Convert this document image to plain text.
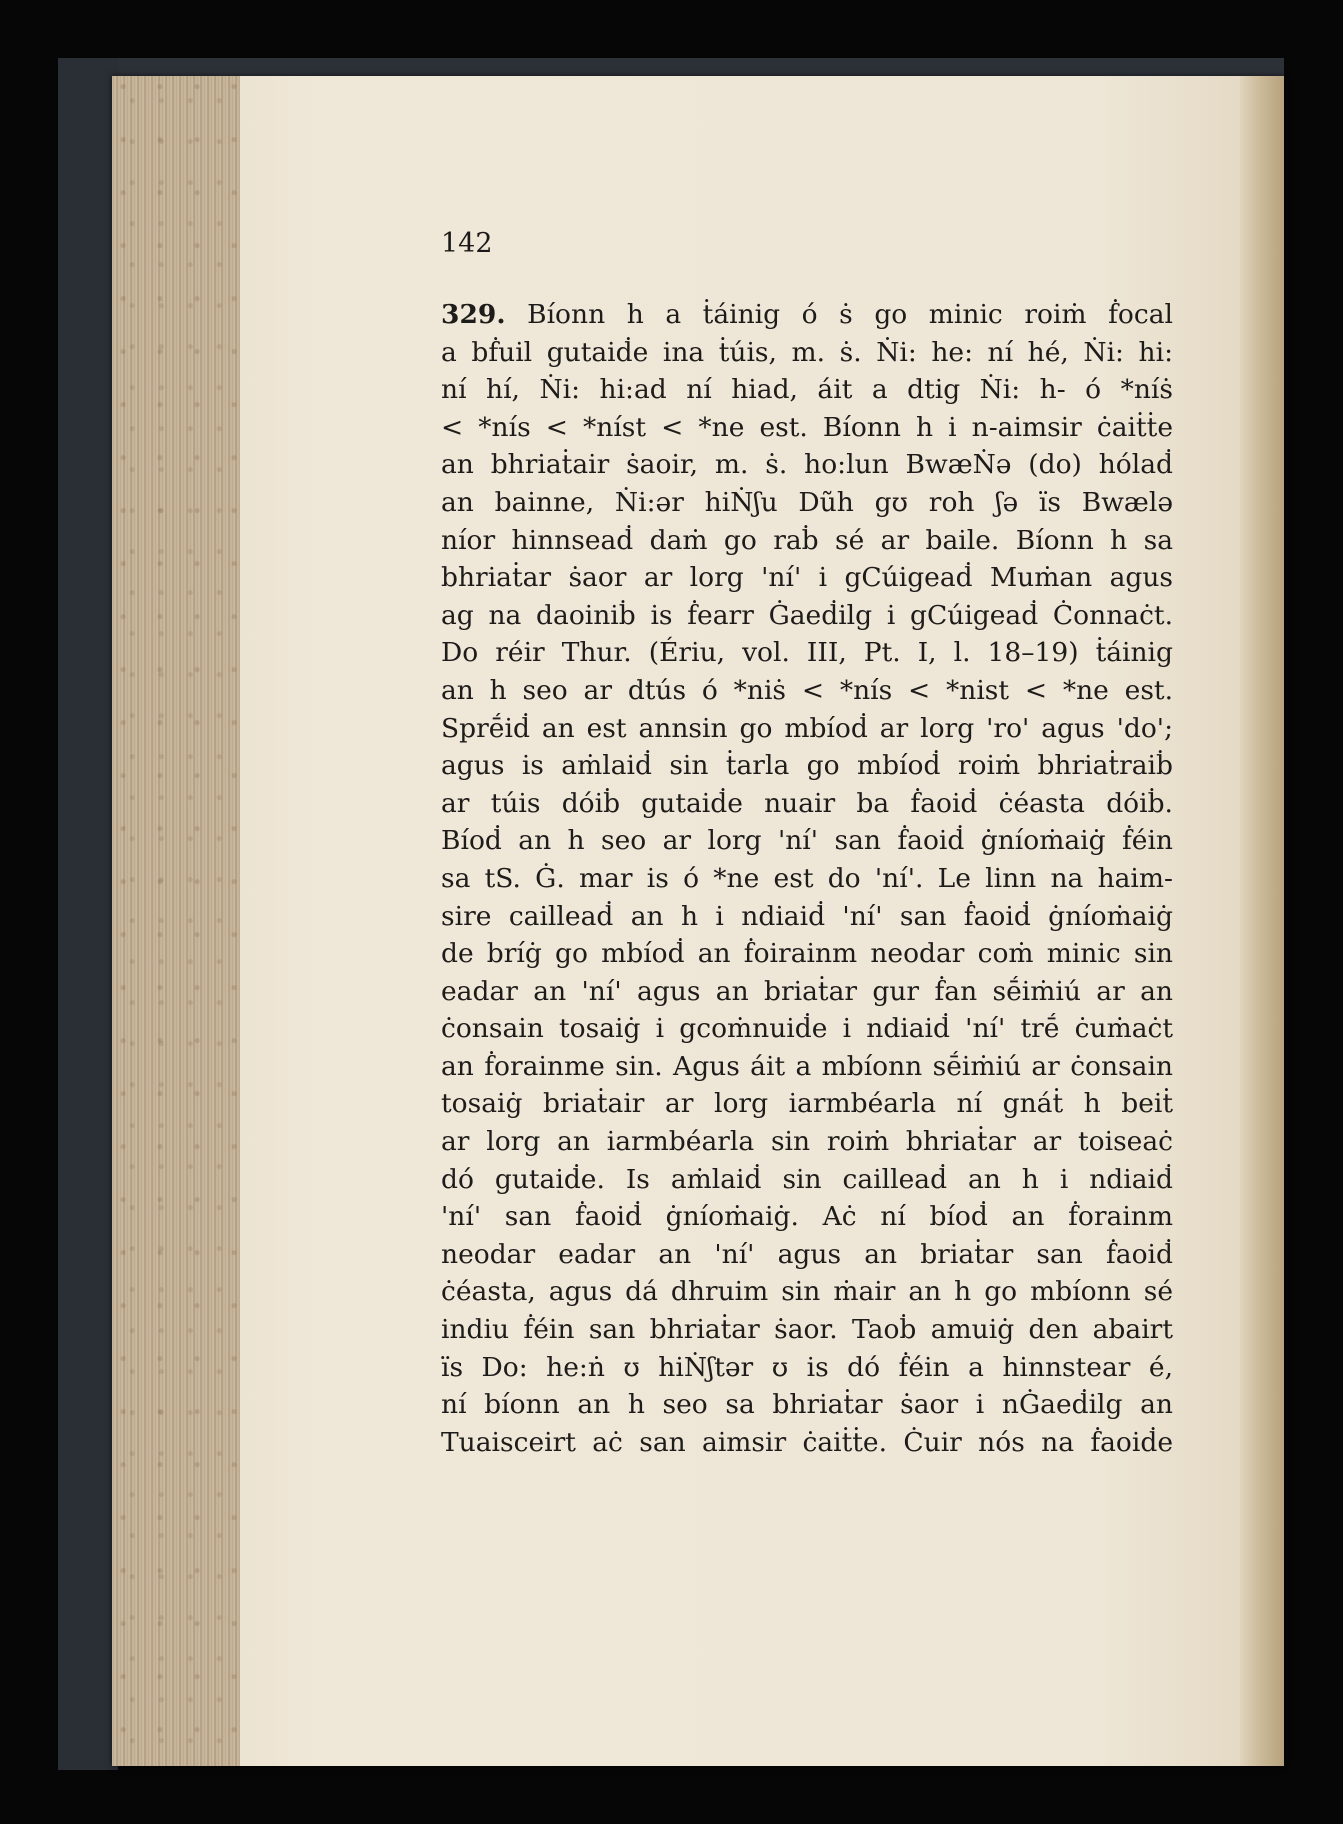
142

329. Bíonn h a ṫáinig ó ṡ go minic roiṁ ḟocal
a bḟuil gutaiḋe ina ṫúis, m. ṡ. Ṅi: he: ní hé, Ṅi: hi:
ní hí, Ṅi: hi:ad ní hiad, áit a dtig Ṅi: h- ó *níṡ
< *nís < *níst < *ne est. Bíonn h i n-aimsir ċaiṫṫe
an bhriaṫair ṡaoir, m. ṡ. ho:lun BwæṄə (do) hólaḋ
an bainne, Ṅi:ər hiṄʃu Dũh gʊ roh ʃə ïs Bwælə
níor hinnseaḋ daṁ go raḃ sé ar baile. Bíonn h sa
bhriaṫar ṡaor ar lorg 'ní' i gCúigeaḋ Muṁan agus
ag na daoiniḃ is ḟearr Ġaeḋilg i gCúigeaḋ Ċonnaċt.
Do réir Thur. (Ériu, vol. III, Pt. I, l. 18–19) ṫáinig
an h seo ar dtús ó *niṡ < *nís < *nist < *ne est.
Sprḗiḋ an est annsin go mbíoḋ ar lorg 'ro' agus 'do';
agus is aṁlaiḋ sin ṫarla go mbíoḋ roiṁ bhriaṫraiḃ
ar túis dóiḃ gutaiḋe nuair ba ḟaoiḋ ċéasta dóiḃ.
Bíoḋ an h seo ar lorg 'ní' san ḟaoiḋ ġníoṁaiġ ḟéin
sa tS. Ġ. mar is ó *ne est do 'ní'. Le linn na haim-
sire cailleaḋ an h i ndiaiḋ 'ní' san ḟaoiḋ ġníoṁaiġ
de bríġ go mbíoḋ an ḟoirainm neodar coṁ minic sin
eadar an 'ní' agus an briaṫar gur ḟan sḗiṁiú ar an
ċonsain tosaiġ i gcoṁnuiḋe i ndiaiḋ 'ní' trḗ ċuṁaċt
an ḟorainme sin. Agus áit a mbíonn sḗiṁiú ar ċonsain
tosaiġ briaṫair ar lorg iarmbéarla ní gnáṫ h beiṫ
ar lorg an iarmbéarla sin roiṁ bhriaṫar ar toiseaċ
dó gutaiḋe. Is aṁlaiḋ sin cailleaḋ an h i ndiaiḋ
'ní' san ḟaoiḋ ġníoṁaiġ. Aċ ní bíoḋ an ḟorainm
neodar eadar an 'ní' agus an briaṫar san ḟaoiḋ
ċéasta, agus dá dhruim sin ṁair an h go mbíonn sé
indiu ḟéin san bhriaṫar ṡaor. Taoḃ amuiġ den abairt
ïs Do: he:ṅ ʊ hiṄʃtər ʊ is dó ḟéin a hinnstear é,
ní bíonn an h seo sa bhriaṫar ṡaor i nĠaeḋilg an
Tuaisceirt aċ san aimsir ċaiṫṫe. Ċuir nós na ḟaoiḋe
